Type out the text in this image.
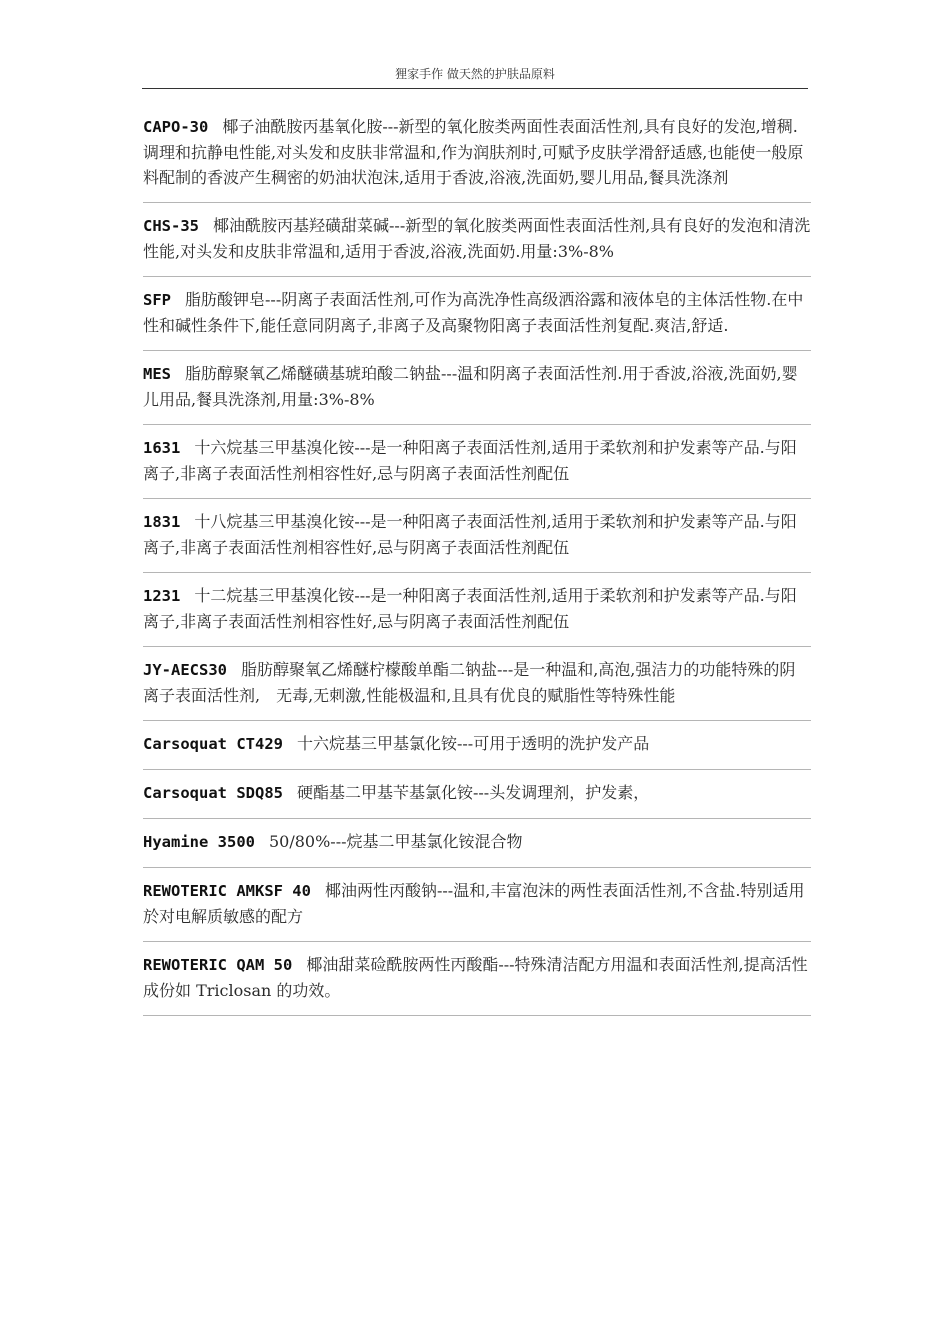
狸家手作 做天然的护肤品原料
CAPO-30 椰子油酰胺丙基氧化胺---新型的氧化胺类两面性表面活性剂,具有良好的发泡,增稠.调理和抗静电性能,对头发和皮肤非常温和,作为润肤剂时,可赋予皮肤学滑舒适感,也能使一般原料配制的香波产生稠密的奶油状泡沫,适用于香波,浴液,洗面奶,婴儿用品,餐具洗涤剂
CHS-35 椰油酰胺丙基羟磺甜菜碱---新型的氧化胺类两面性表面活性剂,具有良好的发泡和清洗性能,对头发和皮肤非常温和,适用于香波,浴液,洗面奶.用量:3%-8%
SFP 脂肪酸钾皂---阴离子表面活性剂,可作为高洗净性高级洒浴露和液体皂的主体活性物.在中性和碱性条件下,能任意同阴离子,非离子及高聚物阳离子表面活性剂复配.爽洁,舒适.
MES 脂肪醇聚氧乙烯醚磺基琥珀酸二钠盐---温和阴离子表面活性剂.用于香波,浴液,洗面奶,婴儿用品,餐具洗涤剂,用量:3%-8%
1631 十六烷基三甲基溴化铵---是一种阳离子表面活性剂,适用于柔软剂和护发素等产品.与阳离子,非离子表面活性剂相容性好,忌与阴离子表面活性剂配伍
1831 十八烷基三甲基溴化铵---是一种阳离子表面活性剂,适用于柔软剂和护发素等产品.与阳离子,非离子表面活性剂相容性好,忌与阴离子表面活性剂配伍
1231 十二烷基三甲基溴化铵---是一种阳离子表面活性剂,适用于柔软剂和护发素等产品.与阳离子,非离子表面活性剂相容性好,忌与阴离子表面活性剂配伍
JY-AECS30 脂肪醇聚氧乙烯醚柠檬酸单酯二钠盐---是一种温和,高泡,强洁力的功能特殊的阴离子表面活性剂,　无毒,无刺激,性能极温和,且具有优良的赋脂性等特殊性能
Carsoquat CT429 十六烷基三甲基氯化铵---可用于透明的洗护发产品
Carsoquat SDQ85 硬酯基二甲基苄基氯化铵---头发调理剂，护发素，
Hyamine 3500 50/80%---烷基二甲基氯化铵混合物
REWOTERIC AMKSF 40 椰油两性丙酸钠---温和,丰富泡沫的两性表面活性剂,不含盐.特别适用於对电解质敏感的配方
REWOTERIC QAM 50 椰油甜菜硷酰胺两性丙酸酯---特殊清洁配方用温和表面活性剂,提高活性成份如 Triclosan 的功效。
